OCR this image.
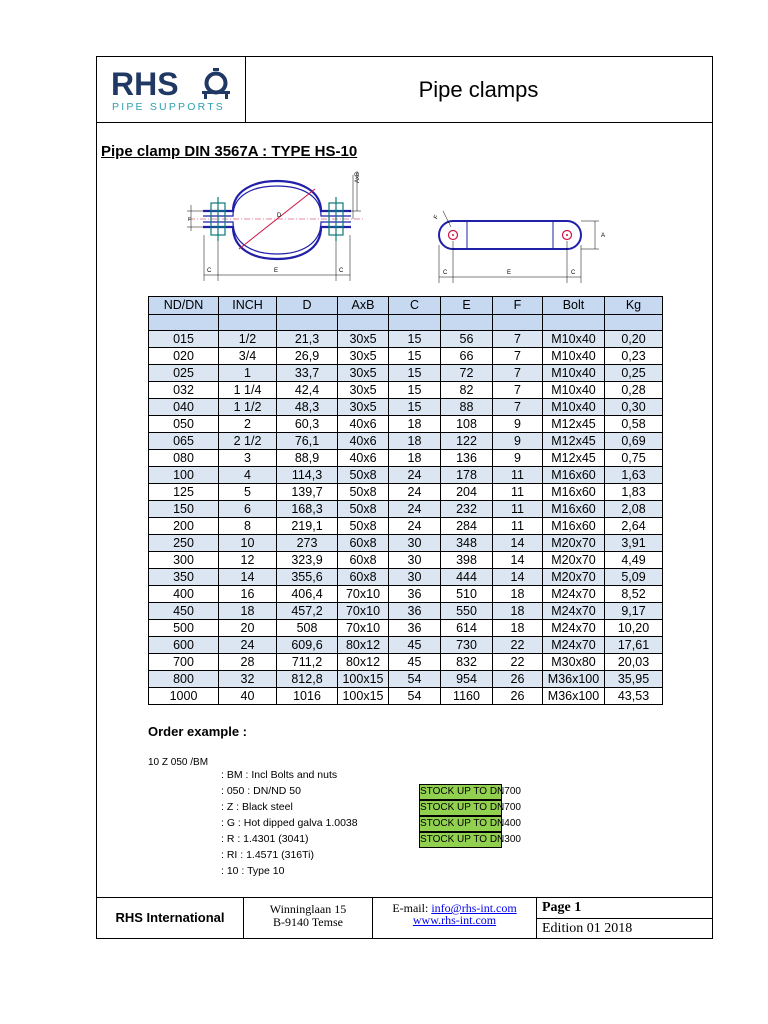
RHS
PIPE SUPPORTS
Pipe clamps
Pipe clamp DIN 3567A : TYPE HS-10
D
AxB
F
C	E	C
F
A
C	E	C
ND/DN	INCH	D	AxB	C	E	F	Bolt	Kg

015	1/2	21,3	30x5	15	56	7	M10x40	0,20
020	3/4	26,9	30x5	15	66	7	M10x40	0,23
025	1	33,7	30x5	15	72	7	M10x40	0,25
032	1 1/4	42,4	30x5	15	82	7	M10x40	0,28
040	1 1/2	48,3	30x5	15	88	7	M10x40	0,30
050	2	60,3	40x6	18	108	9	M12x45	0,58
065	2 1/2	76,1	40x6	18	122	9	M12x45	0,69
080	3	88,9	40x6	18	136	9	M12x45	0,75
100	4	114,3	50x8	24	178	11	M16x60	1,63
125	5	139,7	50x8	24	204	11	M16x60	1,83
150	6	168,3	50x8	24	232	11	M16x60	2,08
200	8	219,1	50x8	24	284	11	M16x60	2,64
250	10	273	60x8	30	348	14	M20x70	3,91
300	12	323,9	60x8	30	398	14	M20x70	4,49
350	14	355,6	60x8	30	444	14	M20x70	5,09
400	16	406,4	70x10	36	510	18	M24x70	8,52
450	18	457,2	70x10	36	550	18	M24x70	9,17
500	20	508	70x10	36	614	18	M24x70	10,20
600	24	609,6	80x12	45	730	22	M24x70	17,61
700	28	711,2	80x12	45	832	22	M30x80	20,03
800	32	812,8	100x15	54	954	26	M36x100	35,95
1000	40	1016	100x15	54	1160	26	M36x100	43,53
Order example :
10 Z 050 /BM
: BM : Incl Bolts and nuts
: 050 : DN/ND 50
: Z : Black steel
: G : Hot dipped galva 1.0038
: R : 1.4301 (3041)
: RI : 1.4571 (316Ti)
: 10 : Type 10
STOCK UP TO DN700
STOCK UP TO DN700
STOCK UP TO DN400
STOCK UP TO DN300
RHS International
Winninglaan 15
B-9140 Temse
E-mail: info@rhs-int.com
www.rhs-int.com
Page 1
Edition 01 2018
